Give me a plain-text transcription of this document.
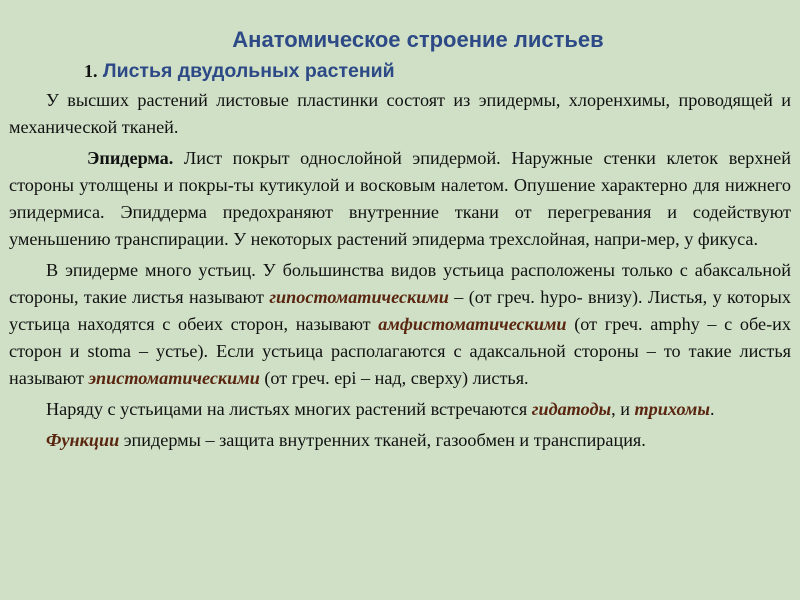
Анатомическое строение листьев
1. Листья двудольных растений

У высших растений листовые пластинки состоят из эпидермы, хлоренхимы, проводящей и механической тканей.

Эпидерма. Лист покрыт однослойной эпидермой. Наружные стенки клеток верхней стороны утолщены и покры-ты кутикулой и восковым налетом. Опушение характерно для нижнего эпидермиса. Эпиддерма предохраняют внутренние ткани от перегревания и содействуют уменьшению транспирации. У некоторых растений эпидерма трехслойная, напри-мер, у фикуса.

В эпидерме много устьиц. У большинства видов устьица расположены только с абаксальной стороны, такие листья называют гипостоматическими – (от греч. hypo- внизу). Листья, у которых устьица находятся с обеих сторон, называют амфистоматическими (от греч. amphy – с обе-их сторон и stoma – устье). Если устьица располагаются с адаксальной стороны – то такие листья называют эпистоматическими (от греч. epi – над, сверху) листья.

Наряду с устьицами на листьях многих растений встречаются гидатоды, и трихомы.

Функции эпидермы – защита внутренних тканей, газообмен и транспирация.
